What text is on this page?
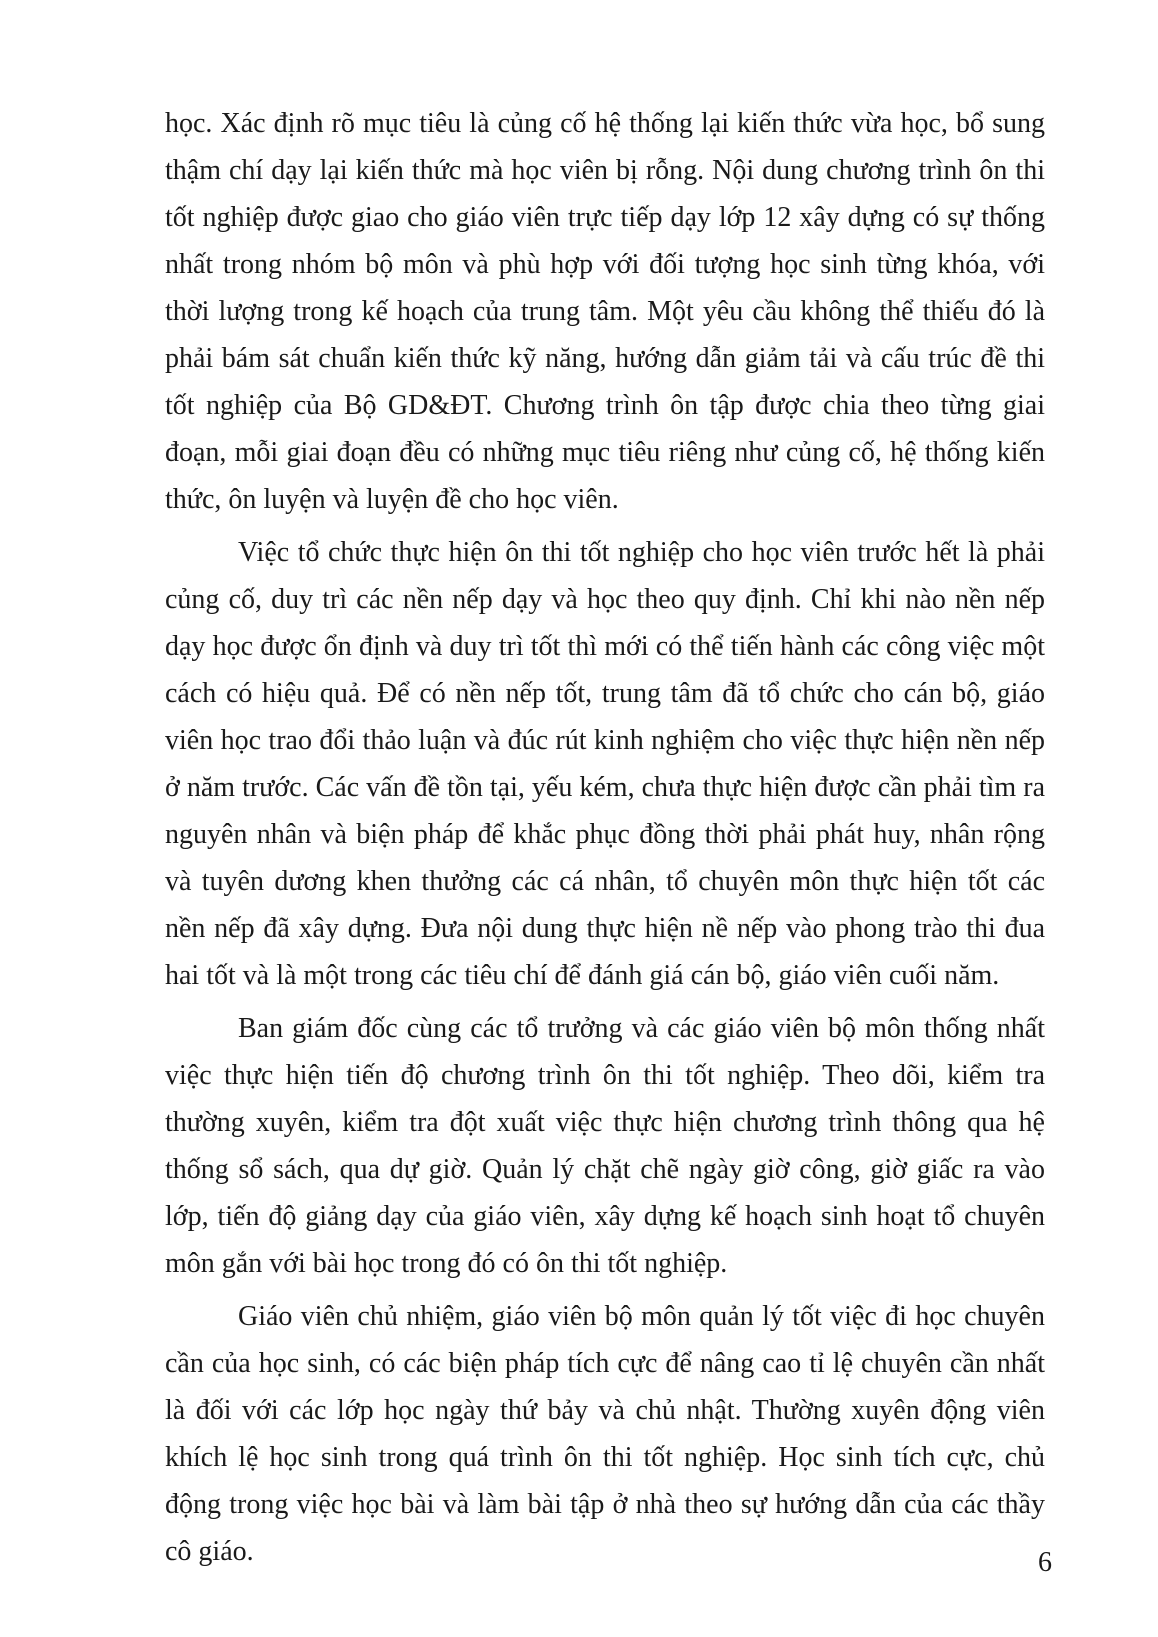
học. Xác định rõ mục tiêu là củng cố hệ thống lại kiến thức vừa học, bổ sung thậm chí dạy lại kiến thức mà học viên bị rỗng. Nội dung chương trình ôn thi tốt nghiệp được giao cho giáo viên trực tiếp dạy lớp 12 xây dựng có sự thống nhất trong nhóm bộ môn và phù hợp với đối tượng học sinh từng khóa, với thời lượng trong kế hoạch của trung tâm. Một yêu cầu không thể thiếu đó là phải bám sát chuẩn kiến thức kỹ năng, hướng dẫn giảm tải và cấu trúc đề thi tốt nghiệp của Bộ GD&ĐT. Chương trình ôn tập được chia theo từng giai đoạn, mỗi giai đoạn đều có những mục tiêu riêng như củng cố, hệ thống kiến thức, ôn luyện và luyện đề cho học viên.

Việc tổ chức thực hiện ôn thi tốt nghiệp cho học viên trước hết là phải củng cố, duy trì các nền nếp dạy và học theo quy định. Chỉ khi nào nền nếp dạy học được ổn định và duy trì tốt thì mới có thể tiến hành các công việc một cách có hiệu quả. Để có nền nếp tốt, trung tâm đã tổ chức cho cán bộ, giáo viên học trao đổi thảo luận và đúc rút kinh nghiệm cho việc thực hiện nền nếp ở năm trước. Các vấn đề tồn tại, yếu kém, chưa thực hiện được cần phải tìm ra nguyên nhân và biện pháp để khắc phục đồng thời phải phát huy, nhân rộng và tuyên dương khen thưởng các cá nhân, tổ chuyên môn thực hiện tốt các nền nếp đã xây dựng. Đưa nội dung thực hiện nề nếp vào phong trào thi đua hai tốt và là một trong các tiêu chí để đánh giá cán bộ, giáo viên cuối năm.

Ban giám đốc cùng các tổ trưởng và các giáo viên bộ môn thống nhất việc thực hiện tiến độ chương trình ôn thi tốt nghiệp. Theo dõi, kiểm tra thường xuyên, kiểm tra đột xuất việc thực hiện chương trình thông qua hệ thống sổ sách, qua dự giờ. Quản lý chặt chẽ ngày giờ công, giờ giấc ra vào lớp, tiến độ giảng dạy của giáo viên, xây dựng kế hoạch sinh hoạt tổ chuyên môn gắn với bài học trong đó có ôn thi tốt nghiệp.

Giáo viên chủ nhiệm, giáo viên bộ môn quản lý tốt việc đi học chuyên cần của học sinh, có các biện pháp tích cực để nâng cao tỉ lệ chuyên cần nhất là đối với các lớp học ngày thứ bảy và chủ nhật. Thường xuyên động viên khích lệ học sinh trong quá trình ôn thi tốt nghiệp. Học sinh tích cực, chủ động trong việc học bài và làm bài tập ở nhà theo sự hướng dẫn của các thầy cô giáo.	6
